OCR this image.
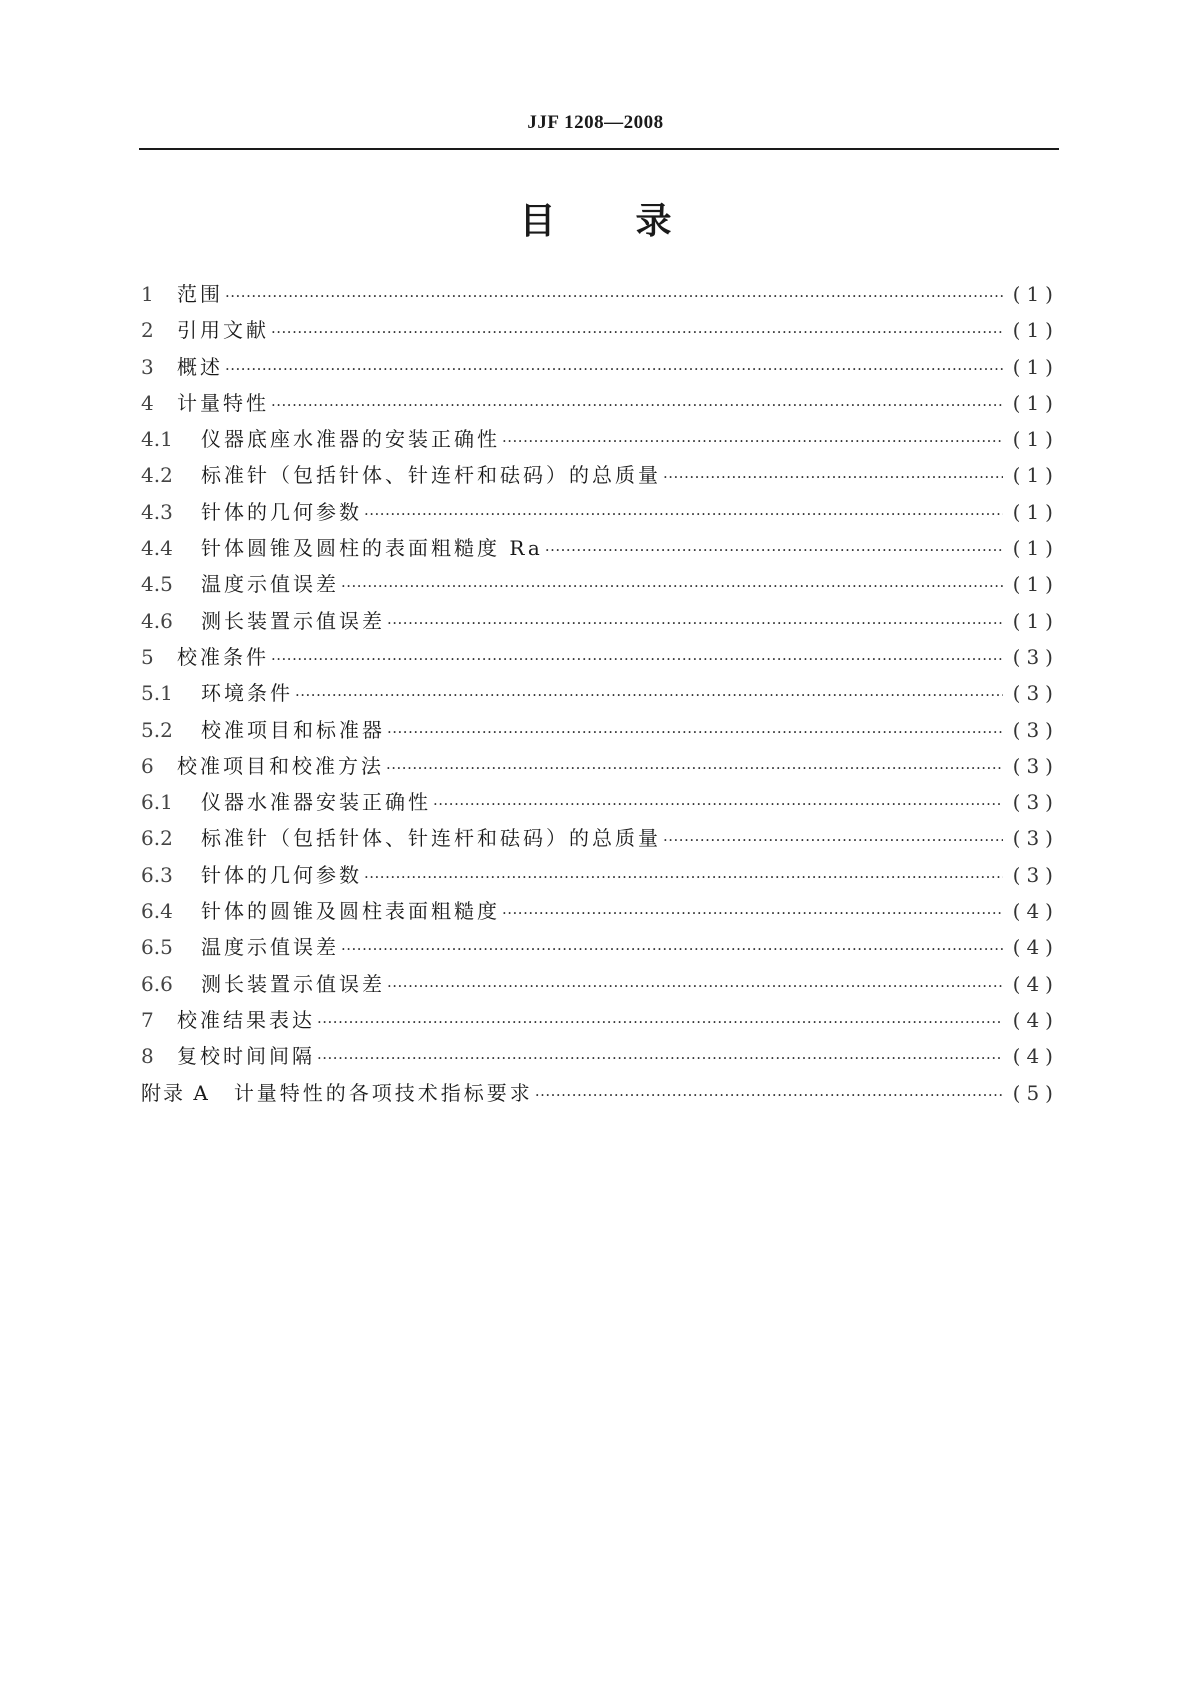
JJF 1208—2008
目 录
1	范围 ·····	(1)
2	引用文献 ·····	(1)
3	概述 ·····	(1)
4	计量特性 ·····	(1)
4.1	仪器底座水准器的安装正确性 ·····	(1)
4.2	标准针（包括针体、针连杆和砝码）的总质量 ·····	(1)
4.3	针体的几何参数 ·····	(1)
4.4	针体圆锥及圆柱的表面粗糙度 Ra ·····	(1)
4.5	温度示值误差 ·····	(1)
4.6	测长装置示值误差 ·····	(1)
5	校准条件 ·····	(3)
5.1	环境条件 ·····	(3)
5.2	校准项目和标准器 ·····	(3)
6	校准项目和校准方法 ·····	(3)
6.1	仪器水准器安装正确性 ·····	(3)
6.2	标准针（包括针体、针连杆和砝码）的总质量 ·····	(3)
6.3	针体的几何参数 ·····	(3)
6.4	针体的圆锥及圆柱表面粗糙度 ·····	(4)
6.5	温度示值误差 ·····	(4)
6.6	测长装置示值误差 ·····	(4)
7	校准结果表达 ·····	(4)
8	复校时间间隔 ·····	(4)
附录 A 计量特性的各项技术指标要求 ·····	(5)
